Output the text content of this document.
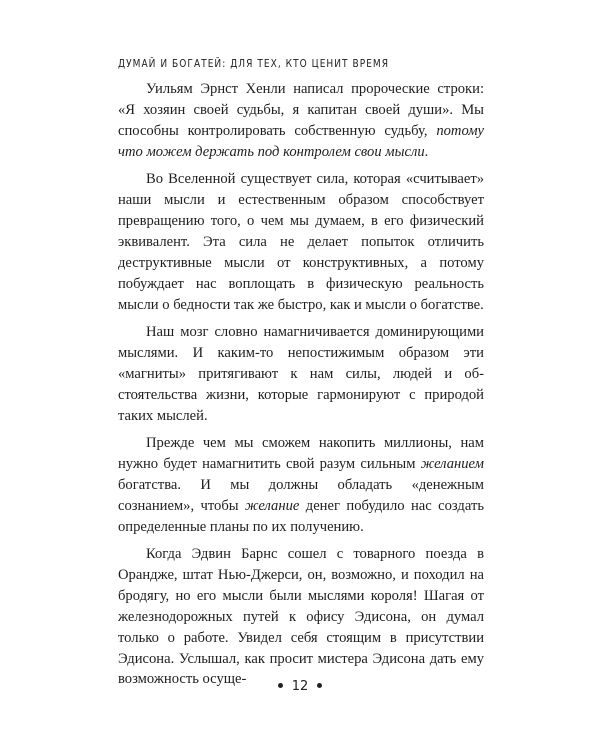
ДУМАЙ И БОГАТЕЙ: ДЛЯ ТЕХ, КТО ЦЕНИТ ВРЕМЯ

Уильям Эрнст Хенли написал пророческие строки: «Я хозяин своей судьбы, я капитан своей души». Мы способны контролировать собственную судьбу, потому что можем держать под контролем свои мысли.

Во Вселенной существует сила, которая «считывает» наши мысли и естественным образом способствует превращению того, о чем мы думаем, в его физический эквивалент. Эта сила не делает попыток отличить деструктивные мысли от конструктивных, а потому побуждает нас воплощать в физическую реальность мысли о бедности так же быстро, как и мысли о богатстве.

Наш мозг словно намагничивается доминирующими мыслями. И каким-то непостижимым образом эти «магниты» притягивают к нам силы, людей и обстоятельства жизни, которые гармонируют с природой таких мыслей.

Прежде чем мы сможем накопить миллионы, нам нужно будет намагнитить свой разум сильным желанием богатства. И мы должны обладать «денежным сознанием», чтобы желание денег побудило нас создать определенные планы по их получению.

Когда Эдвин Барнс сошел с товарного поезда в Орандже, штат Нью-Джерси, он, возможно, и походил на бродягу, но его мысли были мыслями короля! Шагая от железнодорожных путей к офису Эдисона, он думал только о работе. Увидел себя стоящим в присутствии Эдисона. Услышал, как просит мистера Эдисона дать ему возможность осуще-	12
